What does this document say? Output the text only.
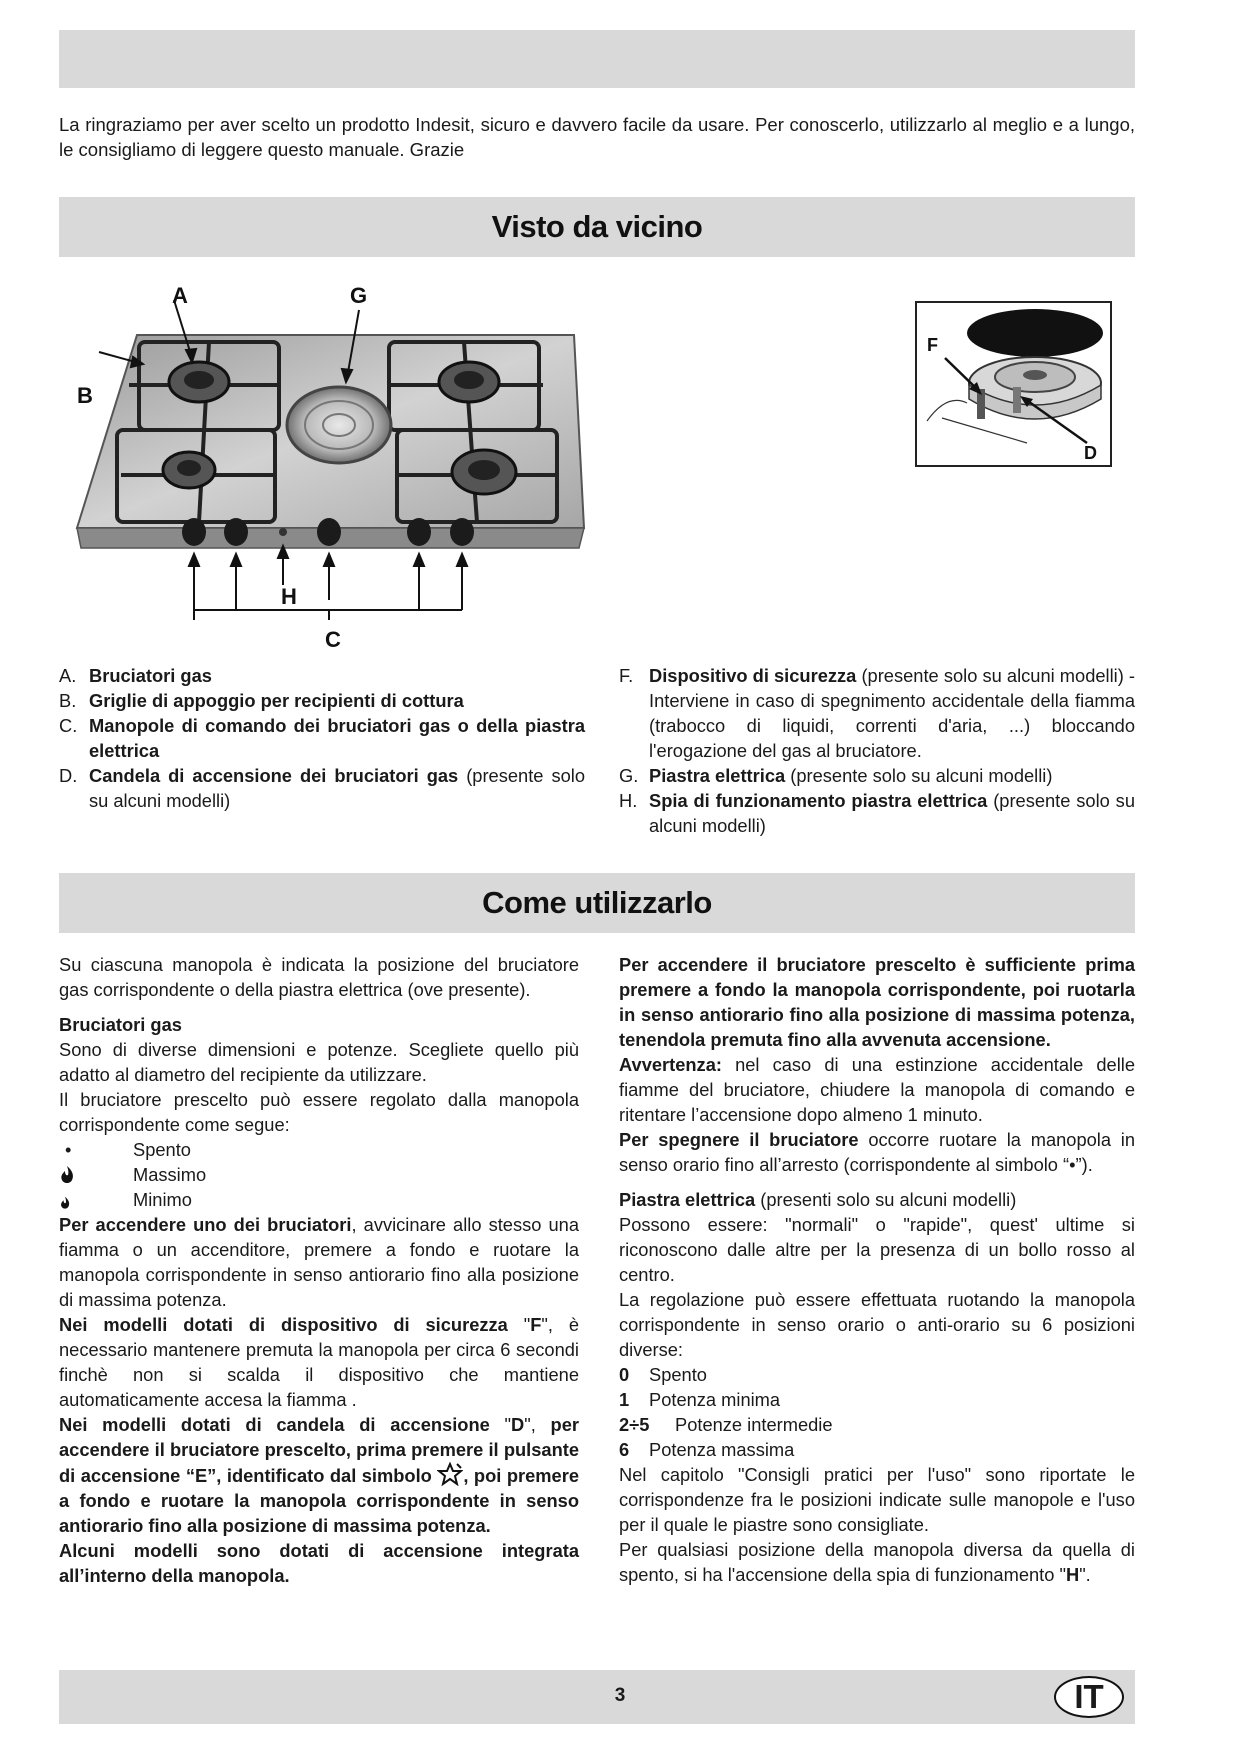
La ringraziamo per aver scelto un prodotto Indesit, sicuro e davvero facile da usare. Per conoscerlo, utilizzarlo al meglio e a lungo, le consigliamo di leggere questo manuale. Grazie

Visto da vicino
A	G
B
H
C
F
D
A. Bruciatori gas
B. Griglie di appoggio per recipienti di cottura
C. Manopole di comando dei bruciatori gas o della piastra elettrica
D. Candela di accensione dei bruciatori gas (presente solo su alcuni modelli)
F. Dispositivo di sicurezza (presente solo su alcuni modelli) - Interviene in caso di spegnimento accidentale della fiamma (trabocco di liquidi, correnti d'aria, ...) bloccando l'erogazione del gas al bruciatore.
G. Piastra elettrica (presente solo su alcuni modelli)
H. Spia di funzionamento piastra elettrica (presente solo su alcuni modelli)
Come utilizzarlo

Su ciascuna manopola è indicata la posizione del bruciatore gas corrispondente o della piastra elettrica (ove presente).

Bruciatori gas

Sono di diverse dimensioni e potenze. Scegliete quello più adatto al diametro del recipiente da utilizzare.

Il bruciatore prescelto può essere regolato dalla manopola corrispondente come segue:

•	Spento
Massimo
Minimo

Per accendere uno dei bruciatori, avvicinare allo stesso una fiamma o un accenditore, premere a fondo e ruotare la manopola corrispondente in senso antiorario fino alla posizione di massima potenza.

Nei modelli dotati di dispositivo di sicurezza "F", è necessario mantenere premuta la manopola per circa 6 secondi finchè non si scalda il dispositivo che mantiene automaticamente accesa la fiamma .

Nei modelli dotati di candela di accensione "D", per accendere il bruciatore prescelto, prima premere il pulsante di accensione “E”, identificato dal simbolo , poi premere a fondo e ruotare la manopola corrispondente in senso antiorario fino alla posizione di massima potenza.

Alcuni modelli sono dotati di accensione integrata all’interno della manopola.

Per accendere il bruciatore prescelto è sufficiente prima premere a fondo la manopola corrispondente, poi ruotarla in senso antiorario fino alla posizione di massima potenza, tenendola premuta fino alla avvenuta accensione.

Avvertenza: nel caso di una estinzione accidentale delle fiamme del bruciatore, chiudere la manopola di comando e ritentare l’accensione dopo almeno 1 minuto.

Per spegnere il bruciatore occorre ruotare la manopola in senso orario fino all’arresto (corrispondente al simbolo “•”).

Piastra elettrica (presenti solo su alcuni modelli)

Possono essere: "normali" o "rapide", quest' ultime si riconoscono dalle altre per la presenza di un bollo rosso al centro.

La regolazione può essere effettuata ruotando la manopola corrispondente in senso orario o anti-orario su 6 posizioni diverse:

0	Spento
1	Potenza minima
2÷5	Potenze intermedie
6	Potenza massima

Nel capitolo "Consigli pratici per l'uso" sono riportate le corrispondenze fra le posizioni indicate sulle manopole e l'uso per il quale le piastre sono consigliate.

Per qualsiasi posizione della manopola diversa da quella di spento, si ha l'accensione della spia di funzionamento "H".

3	IT
